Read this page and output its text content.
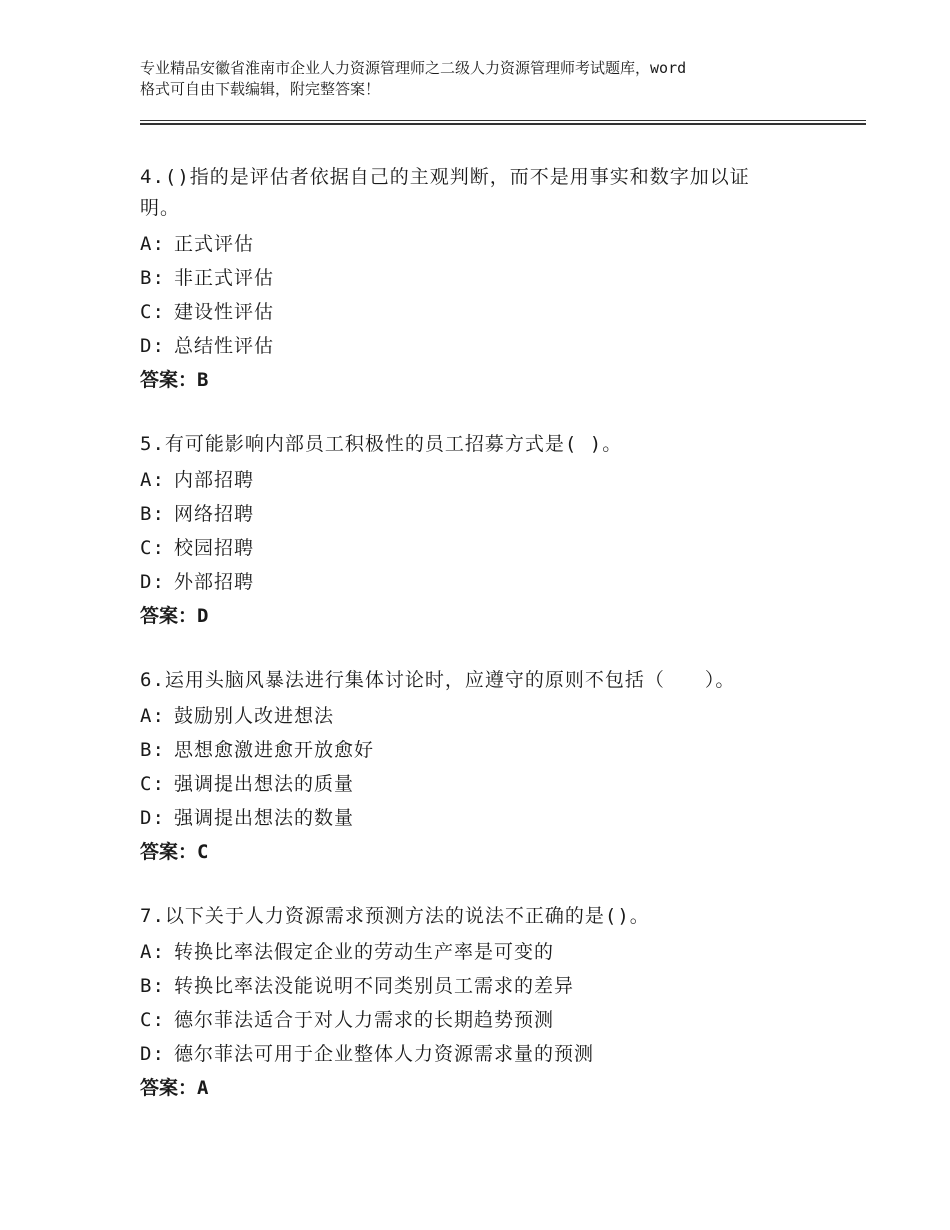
专业精品安徽省淮南市企业人力资源管理师之二级人力资源管理师考试题库，word
格式可自由下载编辑，附完整答案！
4.()指的是评估者依据自己的主观判断，而不是用事实和数字加以证
明。
A: 正式评估
B: 非正式评估
C: 建设性评估
D: 总结性评估
答案：B
5.有可能影响内部员工积极性的员工招募方式是( )。
A: 内部招聘
B: 网络招聘
C: 校园招聘
D: 外部招聘
答案：D
6.运用头脑风暴法进行集体讨论时，应遵守的原则不包括（　　）。
A: 鼓励别人改进想法
B: 思想愈激进愈开放愈好
C: 强调提出想法的质量
D: 强调提出想法的数量
答案：C
7.以下关于人力资源需求预测方法的说法不正确的是()。
A: 转换比率法假定企业的劳动生产率是可变的
B: 转换比率法没能说明不同类别员工需求的差异
C: 德尔菲法适合于对人力需求的长期趋势预测
D: 德尔菲法可用于企业整体人力资源需求量的预测
答案：A
